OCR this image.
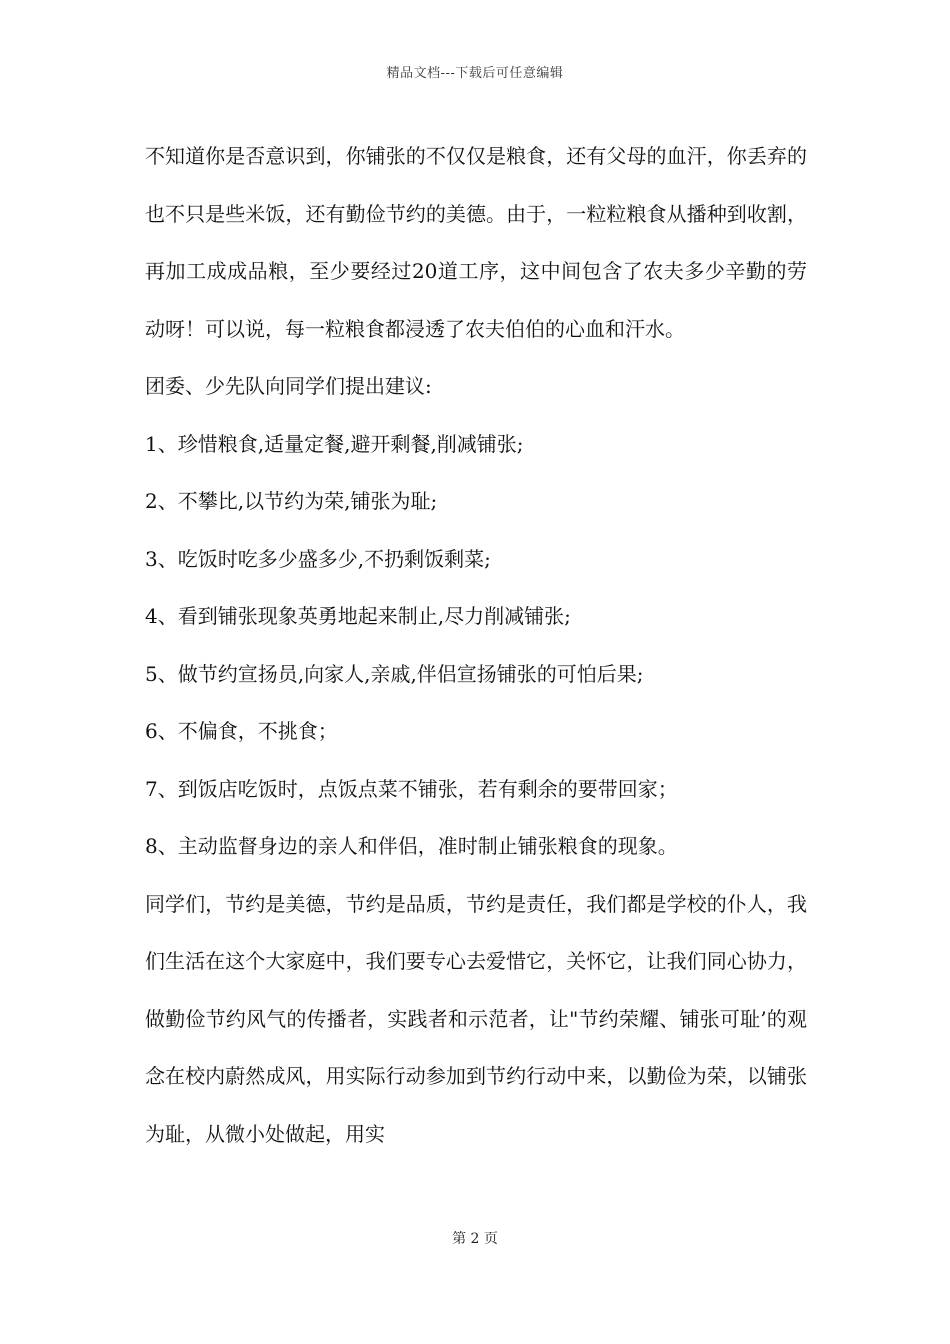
精品文档---下载后可任意编辑

不知道你是否意识到，你铺张的不仅仅是粮食，还有父母的血汗，你丢弃的也不只是些米饭，还有勤俭节约的美德。由于，一粒粒粮食从播种到收割，再加工成成品粮，至少要经过20道工序，这中间包含了农夫多少辛勤的劳动呀！可以说，每一粒粮食都浸透了农夫伯伯的心血和汗水。

团委、少先队向同学们提出建议:

1、珍惜粮食,适量定餐,避开剩餐,削减铺张;

2、不攀比,以节约为荣,铺张为耻;

3、吃饭时吃多少盛多少,不扔剩饭剩菜;

4、看到铺张现象英勇地起来制止,尽力削减铺张;

5、做节约宣扬员,向家人,亲戚,伴侣宣扬铺张的可怕后果;

6、不偏食，不挑食；

7、到饭店吃饭时，点饭点菜不铺张，若有剩余的要带回家；

8、主动监督身边的亲人和伴侣，准时制止铺张粮食的现象。

同学们，节约是美德，节约是品质，节约是责任，我们都是学校的仆人，我们生活在这个大家庭中，我们要专心去爱惜它，关怀它，让我们同心协力，做勤俭节约风气的传播者，实践者和示范者，让"节约荣耀、铺张可耻’的观念在校内蔚然成风，用实际行动参加到节约行动中来，以勤俭为荣，以铺张为耻，从微小处做起，用实

第 2 页
